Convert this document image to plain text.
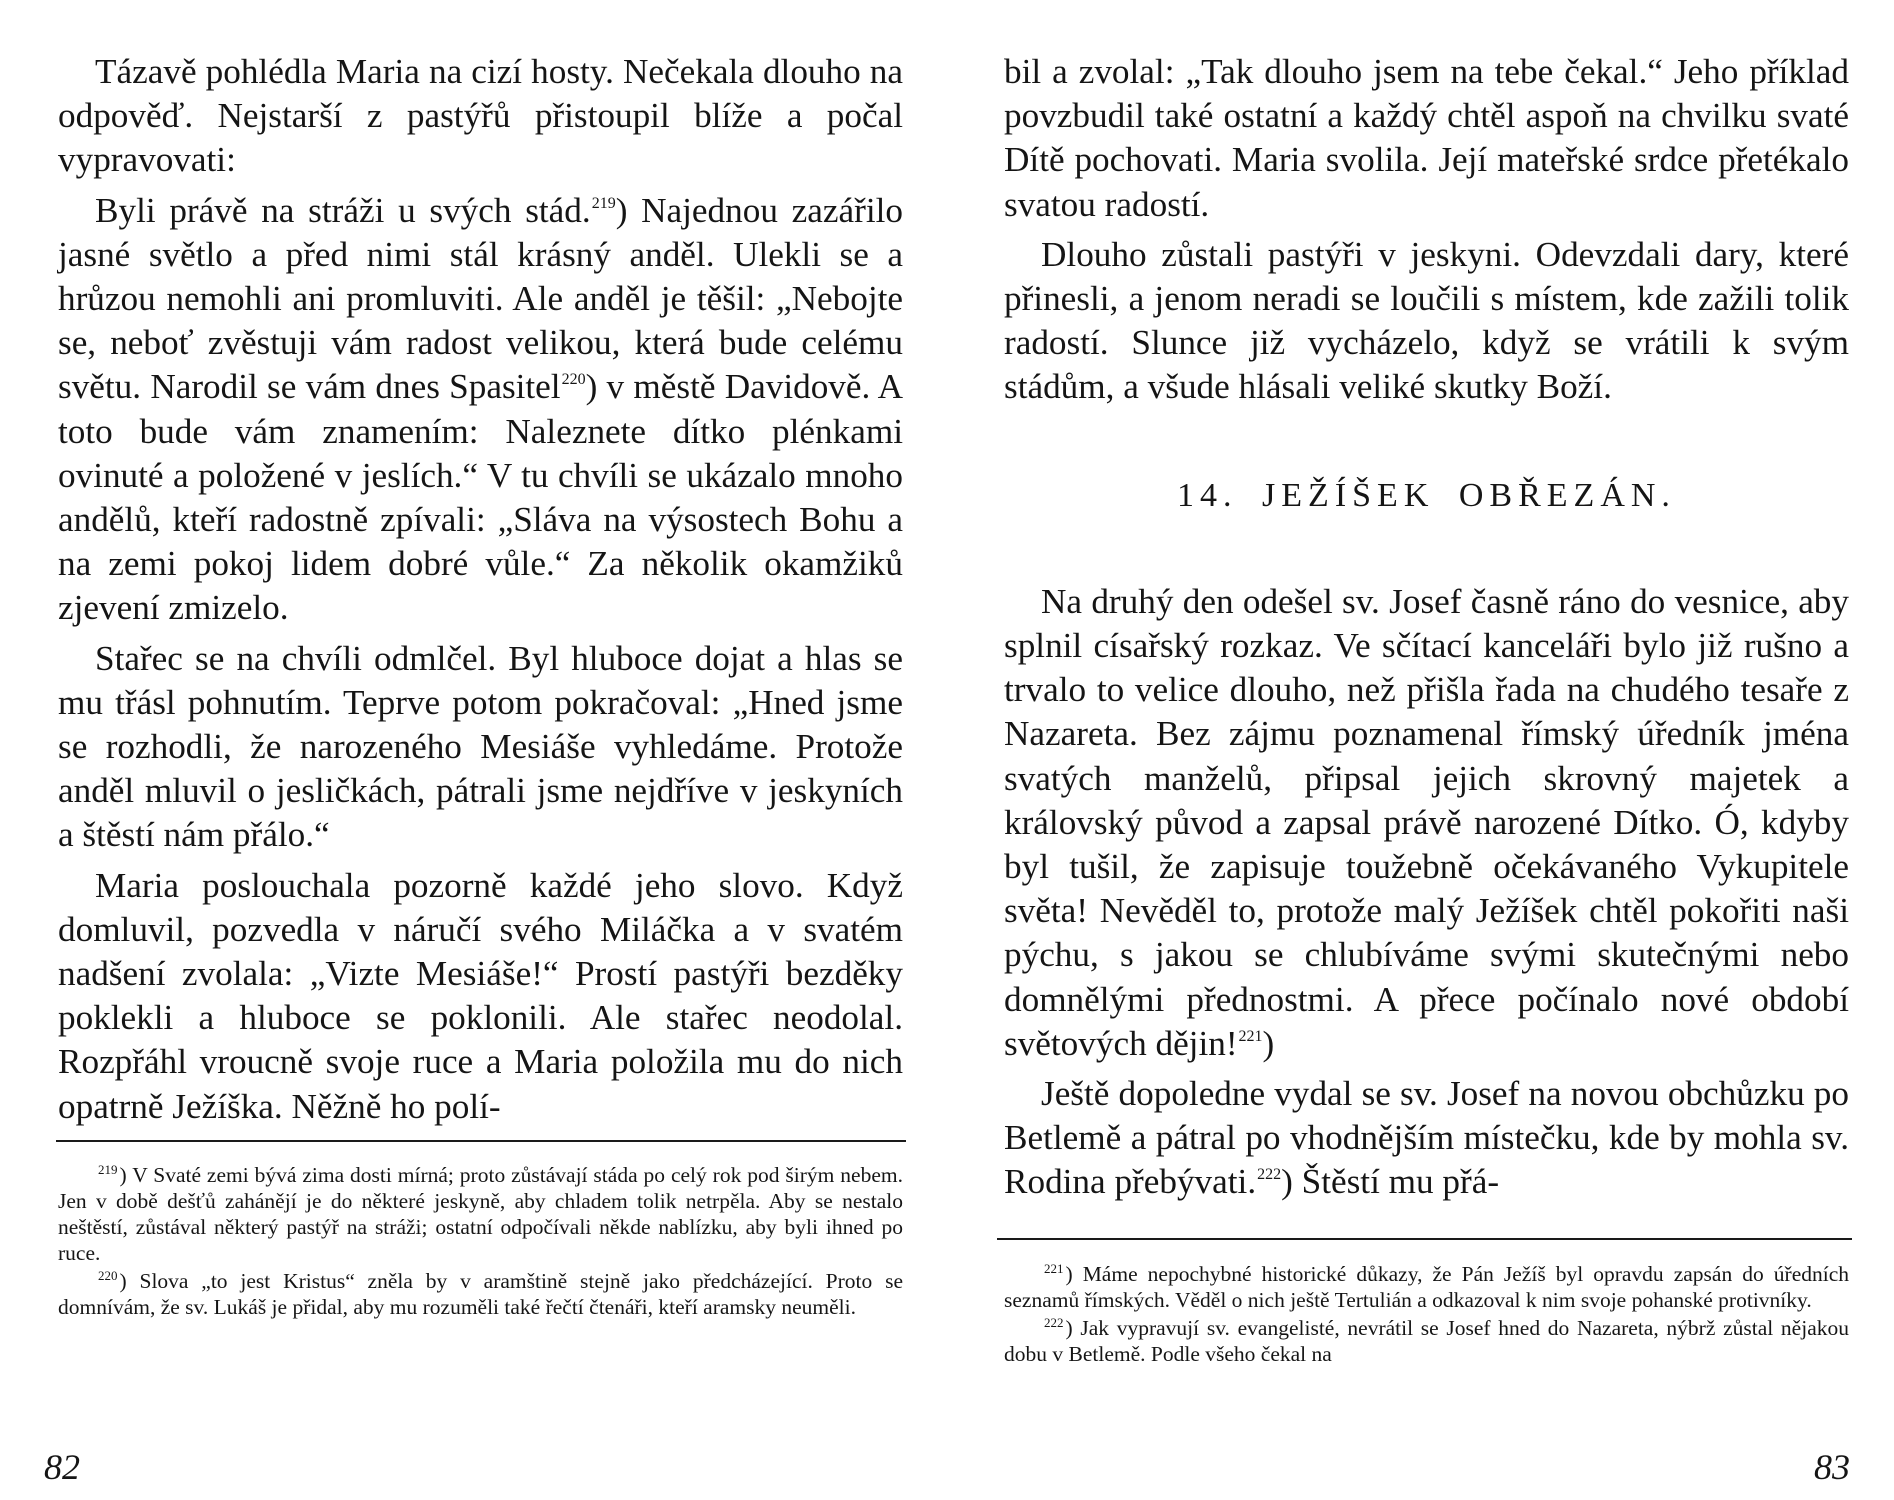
Tázavě pohlédla Maria na cizí hosty. Nečekala dlouho na odpověď. Nejstarší z pastýřů přistoupil blíže a počal vypravovati:

Byli právě na stráži u svých stád.$^{219}$) Najednou zazářilo jasné světlo a před nimi stál krásný anděl. Ulekli se a hrůzou nemohli ani promluviti. Ale anděl je těšil: „Nebojte se, neboť zvěstuji vám radost velikou, která bude celému světu. Narodil se vám dnes Spasitel$^{220}$) v městě Davidově. A toto bude vám znamením: Naleznete dítko plénkami ovinuté a položené v jeslích.“ V tu chvíli se ukázalo mnoho andělů, kteří radostně zpívali: „Sláva na výsostech Bohu a na zemi pokoj lidem dobré vůle.“ Za několik okamžiků zjevení zmizelo.

Stařec se na chvíli odmlčel. Byl hluboce dojat a hlas se mu třásl pohnutím. Teprve potom pokračoval: „Hned jsme se rozhodli, že narozeného Mesiáše vyhledáme. Protože anděl mluvil o jesličkách, pátrali jsme nejdříve v jeskyních a štěstí nám přálo.“

Maria poslouchala pozorně každé jeho slovo. Když domluvil, pozvedla v náručí svého Miláčka a v svatém nadšení zvolala: „Vizte Mesiáše!“ Prostí pastýři bezděky poklekli a hluboce se poklonili. Ale stařec neodolal. Rozpřáhl vroucně svoje ruce a Maria položila mu do nich opatrně Ježíška. Něžně ho polí-

$^{219}$) V Svaté zemi bývá zima dosti mírná; proto zůstávají stáda po celý rok pod širým nebem. Jen v době dešťů zahánějí je do některé jeskyně, aby chladem tolik netrpěla. Aby se nestalo neštěstí, zůstával některý pastýř na stráži; ostatní odpočívali někde nablízku, aby byli ihned po ruce.

$^{220}$) Slova „to jest Kristus“ zněla by v aramštině stejně jako předcházející. Proto se domnívám, že sv. Lukáš je přidal, aby mu rozuměli také řečtí čtenáři, kteří aramsky neuměli.

82

bil a zvolal: „Tak dlouho jsem na tebe čekal.“ Jeho příklad povzbudil také ostatní a každý chtěl aspoň na chvilku svaté Dítě pochovati. Maria svolila. Její mateřské srdce přetékalo svatou radostí.

Dlouho zůstali pastýři v jeskyni. Odevzdali dary, které přinesli, a jenom neradi se loučili s místem, kde zažili tolik radostí. Slunce již vycházelo, když se vrátili k svým stádům, a všude hlásali veliké skutky Boží.

14. JEŽÍŠEK OBŘEZÁN.

Na druhý den odešel sv. Josef časně ráno do vesnice, aby splnil císařský rozkaz. Ve sčítací kanceláři bylo již rušno a trvalo to velice dlouho, než přišla řada na chudého tesaře z Nazareta. Bez zájmu poznamenal římský úředník jména svatých manželů, připsal jejich skrovný majetek a královský původ a zapsal právě narozené Dítko. Ó, kdyby byl tušil, že zapisuje toužebně očekávaného Vykupitele světa! Nevěděl to, protože malý Ježíšek chtěl pokořiti naši pýchu, s jakou se chlubíváme svými skutečnými nebo domnělými přednostmi. A přece počínalo nové období světových dějin!$^{221}$)

Ještě dopoledne vydal se sv. Josef na novou obchůzku po Betlemě a pátral po vhodnějším místečku, kde by mohla sv. Rodina přebývati.$^{222}$) Štěstí mu přá-

$^{221}$) Máme nepochybné historické důkazy, že Pán Ježíš byl opravdu zapsán do úředních seznamů římských. Věděl o nich ještě Tertulián a odkazoval k nim svoje pohanské protivníky.

$^{222}$) Jak vypravují sv. evangelisté, nevrátil se Josef hned do Nazareta, nýbrž zůstal nějakou dobu v Betlemě. Podle všeho čekal na

83
